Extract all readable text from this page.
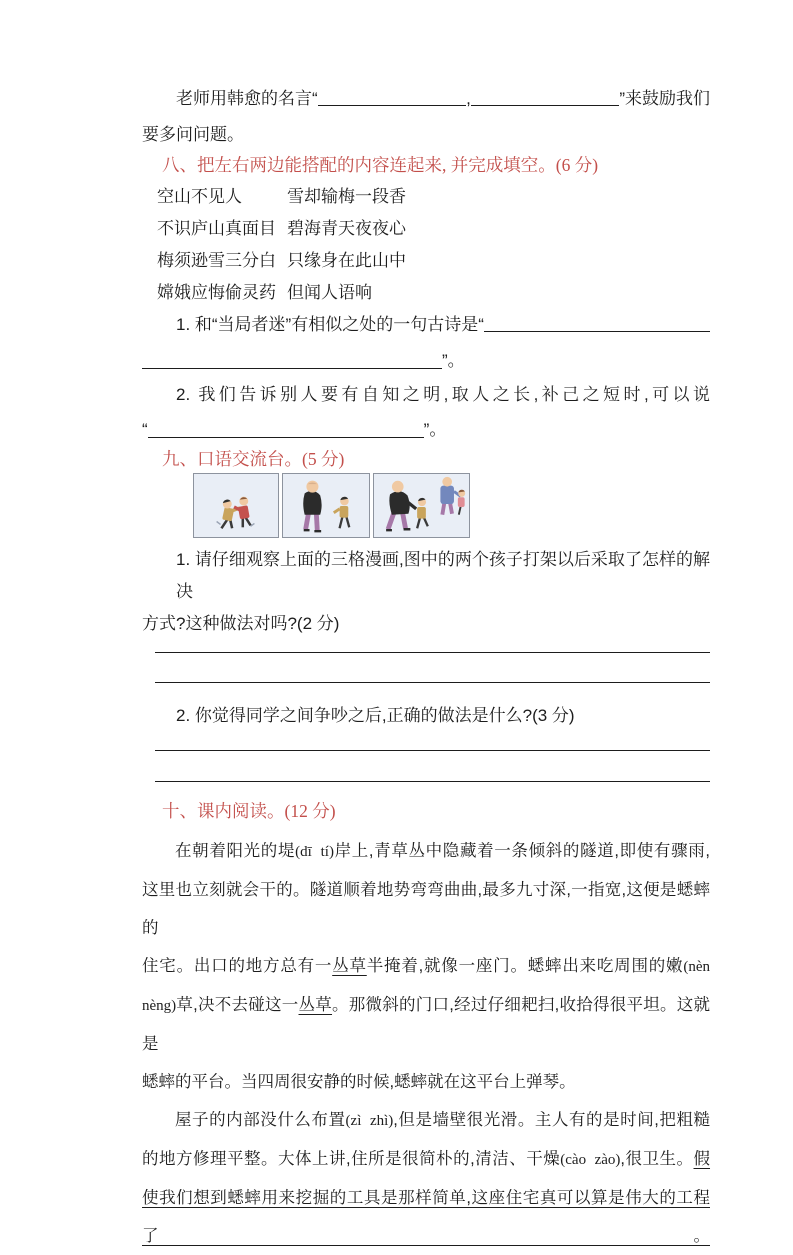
老师用韩愈的名言“	,	”来鼓励我们
要多问问题。
八、把左右两边能搭配的内容连起来, 并完成填空。(6 分)
空山不见人	雪却输梅一段香
不识庐山真面目 碧海青天夜夜心
梅须逊雪三分白 只缘身在此山中
嫦娥应悔偷灵药 但闻人语响
1. 和“当局者迷”有相似之处的一句古诗是“
”。
2. 我们告诉别人要有自知之明,取人之长,补己之短时,可以说
“	”。
九、口语交流台。(5 分)
1. 请仔细观察上面的三格漫画,图中的两个孩子打架以后采取了怎样的解决
方式?这种做法对吗?(2 分)
2. 你觉得同学之间争吵之后,正确的做法是什么?(3 分)
十、课内阅读。(12 分)
在朝着阳光的堤(dī  tí)岸上,青草丛中隐藏着一条倾斜的隧道,即使有骤雨,
这里也立刻就会干的。隧道顺着地势弯弯曲曲,最多九寸深,一指宽,这便是蟋蟀的
住宅。出口的地方总有一丛草半掩着,就像一座门。蟋蟀出来吃周围的嫩(nèn
nèng)草,决不去碰这一丛草。那微斜的门口,经过仔细耙扫,收拾得很平坦。这就是
蟋蟀的平台。当四周很安静的时候,蟋蟀就在这平台上弹琴。
屋子的内部没什么布置(zì  zhì),但是墙壁很光滑。主人有的是时间,把粗糙
的地方修理平整。大体上讲,住所是很简朴的,清洁、干燥(cào  zào),很卫生。假
使我们想到蟋蟀用来挖掘的工具是那样简单,这座住宅真可以算是伟大的工程了。
